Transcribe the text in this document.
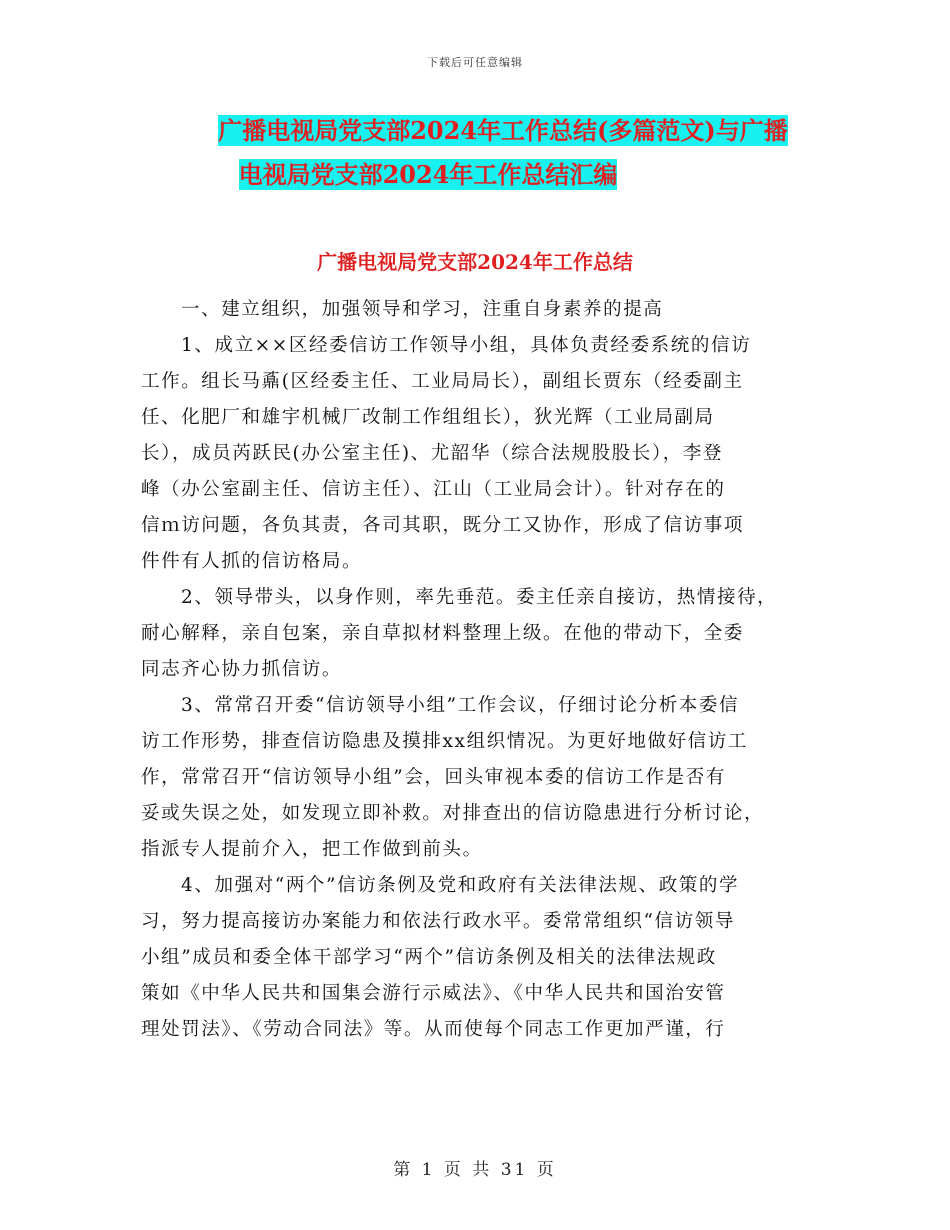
下载后可任意编辑
广播电视局党支部2024年工作总结(多篇范文)与广播
电视局党支部2024年工作总结汇编
广播电视局党支部2024年工作总结
一、建立组织，加强领导和学习，注重自身素养的提高
1、成立××区经委信访工作领导小组，具体负责经委系统的信访
工作。组长马鼒(区经委主任、工业局局长），副组长贾东（经委副主
任、化肥厂和雄宇机械厂改制工作组组长），狄光辉（工业局副局
长），成员芮跃民(办公室主任)、尤韶华（综合法规股股长），李登
峰（办公室副主任、信访主任）、江山（工业局会计）。针对存在的
信ｍ访问题，各负其责，各司其职，既分工又协作，形成了信访事项
件件有人抓的信访格局。
2、领导带头，以身作则，率先垂范。委主任亲自接访，热情接待，
耐心解释，亲自包案，亲自草拟材料整理上级。在他的带动下，全委
同志齐心协力抓信访。
3、常常召开委“信访领导小组”工作会议，仔细讨论分析本委信
访工作形势，排查信访隐患及摸排xx组织情况。为更好地做好信访工
作，常常召开“信访领导小组”会，回头审视本委的信访工作是否有
妥或失误之处，如发现立即补救。对排查出的信访隐患进行分析讨论，
指派专人提前介入，把工作做到前头。
4、加强对“两个”信访条例及党和政府有关法律法规、政策的学
习，努力提高接访办案能力和依法行政水平。委常常组织“信访领导
小组”成员和委全体干部学习“两个”信访条例及相关的法律法规政
策如《中华人民共和国集会游行示威法》、《中华人民共和国治安管
理处罚法》、《劳动合同法》等。从而使每个同志工作更加严谨，行
第 1 页 共 31 页
